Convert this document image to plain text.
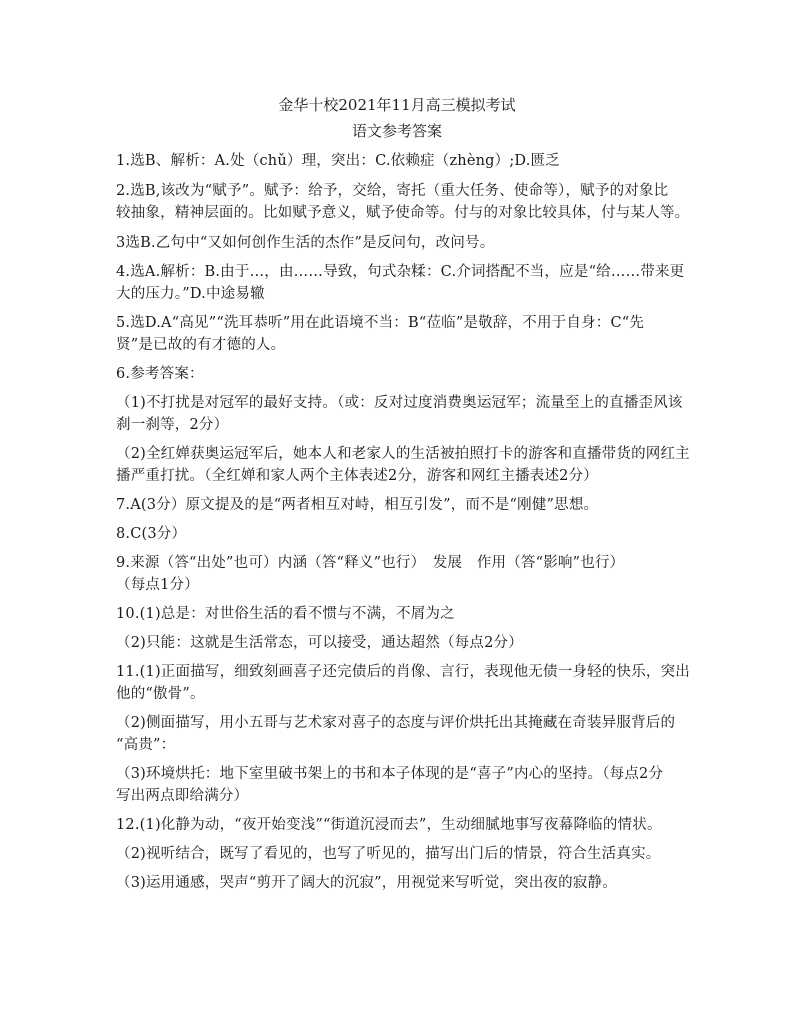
金华十校2021年11月高三模拟考试
语文参考答案
1.选B、解析：A.处（chǔ）理，突出：C.依赖症（zhèng）;D.匮乏
2.选B,该改为“赋予”。赋予：给予，交给，寄托（重大任务、使命等），赋予的对象比
较抽象，精神层面的。比如赋予意义，赋予使命等。付与的对象比较具体，付与某人等。
3选B.乙句中“又如何创作生活的杰作”是反问句，改问号。
4.选A.解析：B.由于…，由……导致，句式杂糅：C.介词搭配不当，应是“给……带来更
大的压力。”D.中途易辙
5.选D.A“高见”“洗耳恭听”用在此语境不当：B“莅临”是敬辞，不用于自身：C“先
贤”是已故的有才德的人。
6.参考答案：
（1)不打扰是对冠军的最好支持。（或：反对过度消费奥运冠军；流量至上的直播歪风该
刹一刹等，2分）
（2)全红婵获奥运冠军后，她本人和老家人的生活被拍照打卡的游客和直播带货的网红主
播严重打扰。（全红婵和家人两个主体表述2分，游客和网红主播表述2分）
7.A(3分）原文提及的是“两者相互对峙，相互引发”，而不是“刚健”思想。
8.C(3分）
9.来源（答“出处”也可）内涵（答“释义”也行）　发展　作用（答“影响”也行）
（每点1分）
10.(1)总是：对世俗生活的看不惯与不满，不屑为之
（2)只能：这就是生活常态，可以接受，通达超然（每点2分）
11.(1)正面描写，细致刻画喜子还完债后的肖像、言行，表现他无债一身轻的快乐，突出
他的“傲骨”。
（2)侧面描写，用小五哥与艺术家对喜子的态度与评价烘托出其掩藏在奇装异服背后的
“高贵”：
（3)环境烘托：地下室里破书架上的书和本子体现的是“喜子”内心的坚持。（每点2分
写出两点即给满分）
12.(1)化静为动，“夜开始变浅”“街道沉浸而去”，生动细腻地事写夜幕降临的情状。
（2)视听结合，既写了看见的，也写了听见的，描写出门后的情景，符合生活真实。
（3)运用通感，哭声“剪开了阔大的沉寂”，用视觉来写听觉，突出夜的寂静。
